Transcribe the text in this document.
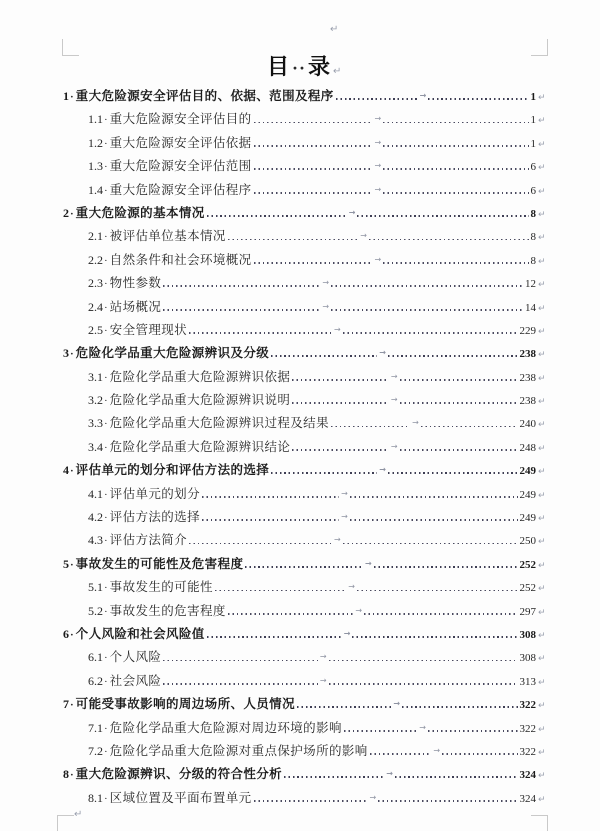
↵
↵
目 ·· 录 ↵
1 · 重大危险源安全评估目的、依据、范围及程序	→	1 ↵
1.1 · 重大危险源安全评估目的	→	1 ↵
1.2 · 重大危险源安全评估依据	→	1 ↵
1.3 · 重大危险源安全评估范围	→	6 ↵
1.4 · 重大危险源安全评估程序	→	6 ↵
2 · 重大危险源的基本情况	→	8 ↵
2.1 · 被评估单位基本情况	→	8 ↵
2.2 · 自然条件和社会环境概况	→	8 ↵
2.3 · 物性参数	→	12 ↵
2.4 · 站场概况	→	14 ↵
2.5 · 安全管理现状	→	229 ↵
3 · 危险化学品重大危险源辨识及分级	→	238 ↵
3.1 · 危险化学品重大危险源辨识依据	→	238 ↵
3.2 · 危险化学品重大危险源辨识说明	→	238 ↵
3.3 · 危险化学品重大危险源辨识过程及结果	→	240 ↵
3.4 · 危险化学品重大危险源辨识结论	→	248 ↵
4 · 评估单元的划分和评估方法的选择	→	249 ↵
4.1 · 评估单元的划分	→	249 ↵
4.2 · 评估方法的选择	→	249 ↵
4.3 · 评估方法简介	→	250 ↵
5 · 事故发生的可能性及危害程度	→	252 ↵
5.1 · 事故发生的可能性	→	252 ↵
5.2 · 事故发生的危害程度	→	297 ↵
6 · 个人风险和社会风险值	→	308 ↵
6.1 · 个人风险	→	308 ↵
6.2 · 社会风险	→	313 ↵
7 · 可能受事故影响的周边场所、人员情况	→	322 ↵
7.1 · 危险化学品重大危险源对周边环境的影响	→	322 ↵
7.2 · 危险化学品重大危险源对重点保护场所的影响	→	322 ↵
8 · 重大危险源辨识、分级的符合性分析	→	324 ↵
8.1 · 区域位置及平面布置单元	→	324 ↵
